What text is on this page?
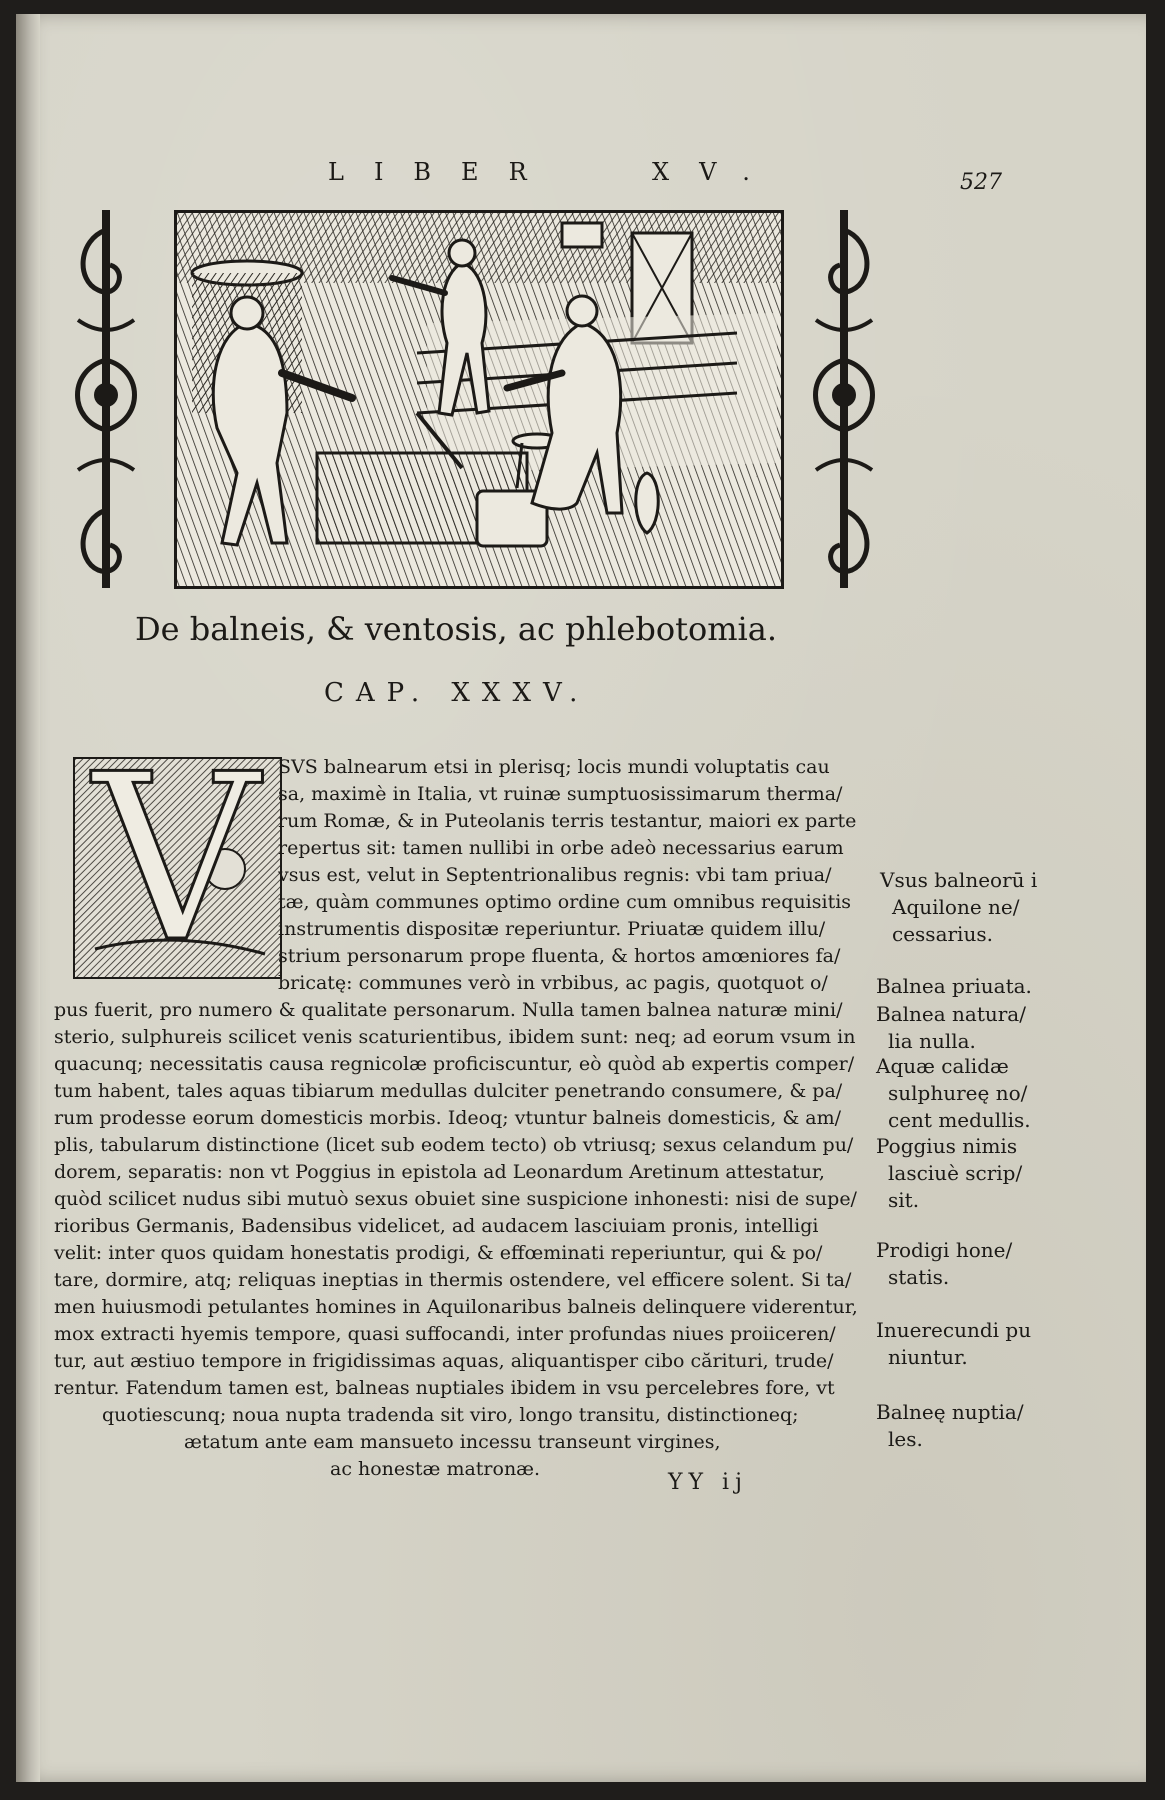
LIBER	XV.	527
De balneis, & ventosis, ac phlebotomia.
CAP. XXXV.
V SVS balnearum etsi in plerisq; locis mundi voluptatis cau
sa, maximè in Italia, vt ruinæ sumptuosissimarum therma/
rum Romæ, & in Puteolanis terris testantur, maiori ex parte
repertus sit: tamen nullibi in orbe adeò necessarius earum
vsus est, velut in Septentrionalibus regnis: vbi tam priua/
tæ, quàm communes optimo ordine cum omnibus requisitis
instrumentis dispositæ reperiuntur. Priuatæ quidem illu/
strium personarum prope fluenta, & hortos amœniores fa/
bricatę: communes verò in vrbibus, ac pagis, quotquot o/
pus fuerit, pro numero & qualitate personarum. Nulla tamen balnea naturæ mini/
sterio, sulphureis scilicet venis scaturientibus, ibidem sunt: neq; ad eorum vsum in
quacunq; necessitatis causa regnicolæ proficiscuntur, eò quòd ab expertis comper/
tum habent, tales aquas tibiarum medullas dulciter penetrando consumere, & pa/
rum prodesse eorum domesticis morbis. Ideoq; vtuntur balneis domesticis, & am/
plis, tabularum distinctione (licet sub eodem tecto) ob vtriusq; sexus celandum pu/
dorem, separatis: non vt Poggius in epistola ad Leonardum Aretinum attestatur,
quòd scilicet nudus sibi mutuò sexus obuiet sine suspicione inhonesti: nisi de supe/
rioribus Germanis, Badensibus videlicet, ad audacem lasciuiam pronis, intelligi
velit: inter quos quidam honestatis prodigi, & effœminati reperiuntur, qui & po/
tare, dormire, atq; reliquas ineptias in thermis ostendere, vel efficere solent. Si ta/
men huiusmodi petulantes homines in Aquilonaribus balneis delinquere viderentur,
mox extracti hyemis tempore, quasi suffocandi, inter profundas niues proiiceren/
tur, aut æstiuo tempore in frigidissimas aquas, aliquantisper cibo cărituri, trude/
rentur. Fatendum tamen est, balneas nuptiales ibidem in vsu percelebres fore, vt
quotiescunq; noua nupta tradenda sit viro, longo transitu, distinctioneq;
ætatum ante eam mansueto incessu transeunt virgines,
ac honestæ matronæ.
Vsus balneorū i
Aquilone ne/
cessarius.
Balnea priuata.
Balnea natura/
lia nulla.
Aquæ calidæ
sulphureę no/
cent medullis.
Poggius nimis
lasciuè scrip/
sit.
Prodigi hone/
statis.
Inuerecundi pu
niuntur.
Balneę nuptia/
les.
YY ij
